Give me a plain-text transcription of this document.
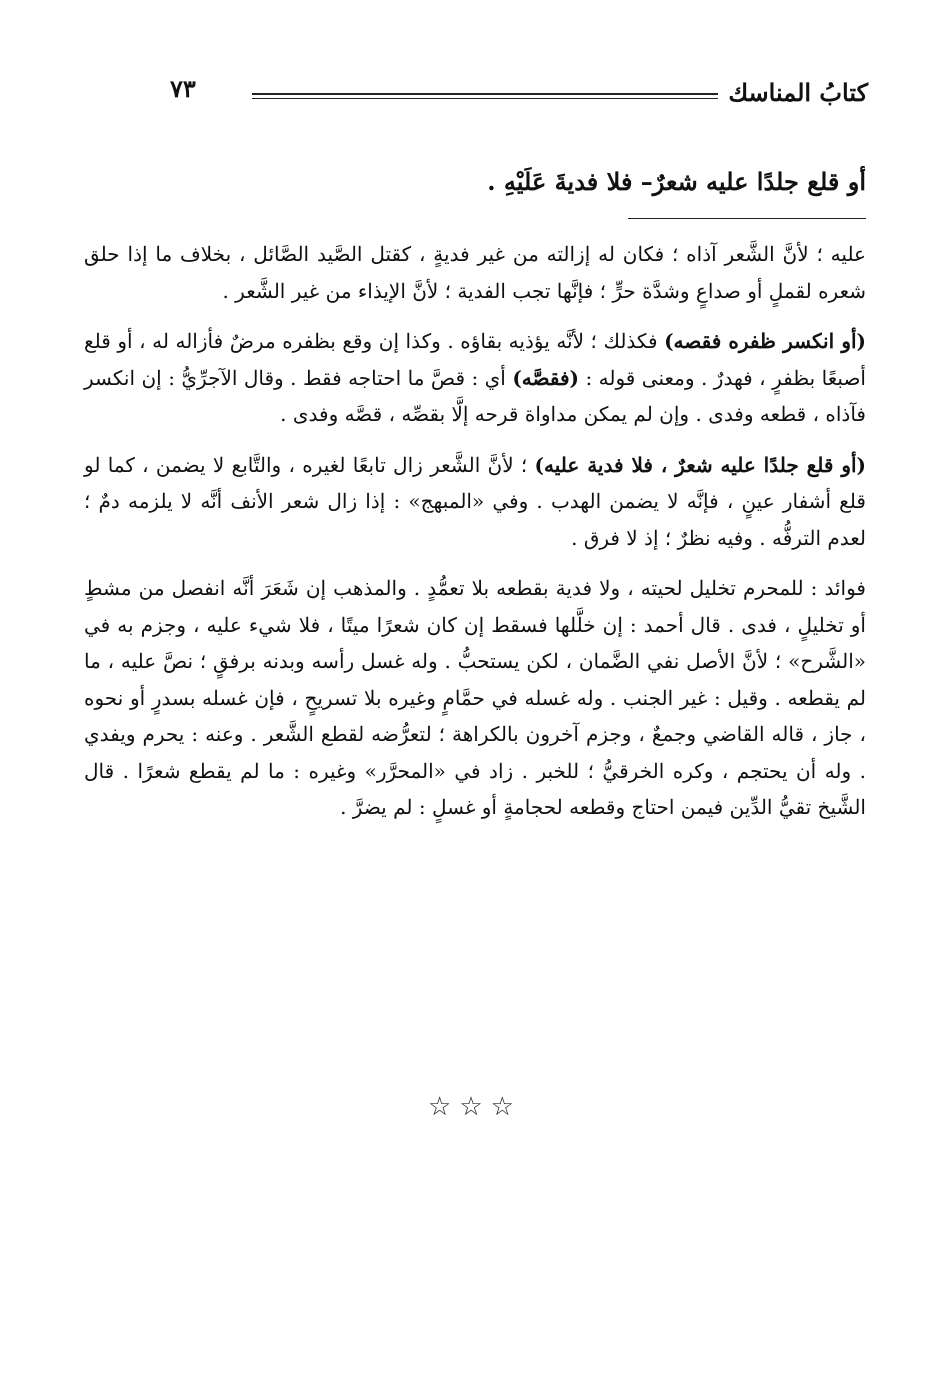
كتابُ المناسك
٧٣
أو قلع جلدًا عليه شعرٌ– فلا فديةَ عَلَيْهِ .

عليه ؛ لأنَّ الشَّعر آذاه ؛ فكان له إزالته من غير فديةٍ ، كقتل الصَّيد الصَّائل ، بخلاف ما إذا حلق شعره لقملٍ أو صداعٍ وشدَّة حرٍّ ؛ فإنَّها تجب الفدية ؛ لأنَّ الإيذاء من غير الشَّعر .

(أو انكسر ظفره فقصه) فكذلك ؛ لأنَّه يؤذيه بقاؤه . وكذا إن وقع بظفره مرضٌ فأزاله له ، أو قلع أصبعًا بظفرٍ ، فهدرٌ . ومعنى قوله : (فقصَّه) أي : قصَّ ما احتاجه فقط . وقال الآجرِّيُّ : إن انكسر فآذاه ، قطعه وفدى . وإن لم يمكن مداواة قرحه إلَّا بقصِّه ، قصَّه وفدى .

(أو قلع جلدًا عليه شعرٌ ، فلا فدية عليه) ؛ لأنَّ الشَّعر زال تابعًا لغيره ، والتَّابع لا يضمن ، كما لو قلع أشفار عينٍ ، فإنَّه لا يضمن الهدب . وفي «المبهج» : إذا زال شعر الأنف أنَّه لا يلزمه دمٌ ؛ لعدم الترفُّه . وفيه نظرٌ ؛ إذ لا فرق .

فوائد : للمحرم تخليل لحيته ، ولا فدية بقطعه بلا تعمُّدٍ . والمذهب إن شَعَرَ أنَّه انفصل من مشطٍ أو تخليلٍ ، فدى . قال أحمد : إن خلَّلها فسقط إن كان شعرًا ميتًا ، فلا شيء عليه ، وجزم به في «الشَّرح» ؛ لأنَّ الأصل نفي الضَّمان ، لكن يستحبُّ . وله غسل رأسه وبدنه برفقٍ ؛ نصَّ عليه ، ما لم يقطعه . وقيل : غير الجنب . وله غسله في حمَّامٍ وغيره بلا تسريحٍ ، فإن غسله بسدرٍ أو نحوه ، جاز ، قاله القاضي وجمعٌ ، وجزم آخرون بالكراهة ؛ لتعرُّضه لقطع الشَّعر . وعنه : يحرم ويفدي . وله أن يحتجم ، وكره الخرقيُّ ؛ للخبر . زاد في «المحرَّر» وغيره : ما لم يقطع شعرًا . قال الشَّيخ تقيُّ الدِّين فيمن احتاج وقطعه لحجامةٍ أو غسلٍ : لم يضرَّ .

☆☆☆
